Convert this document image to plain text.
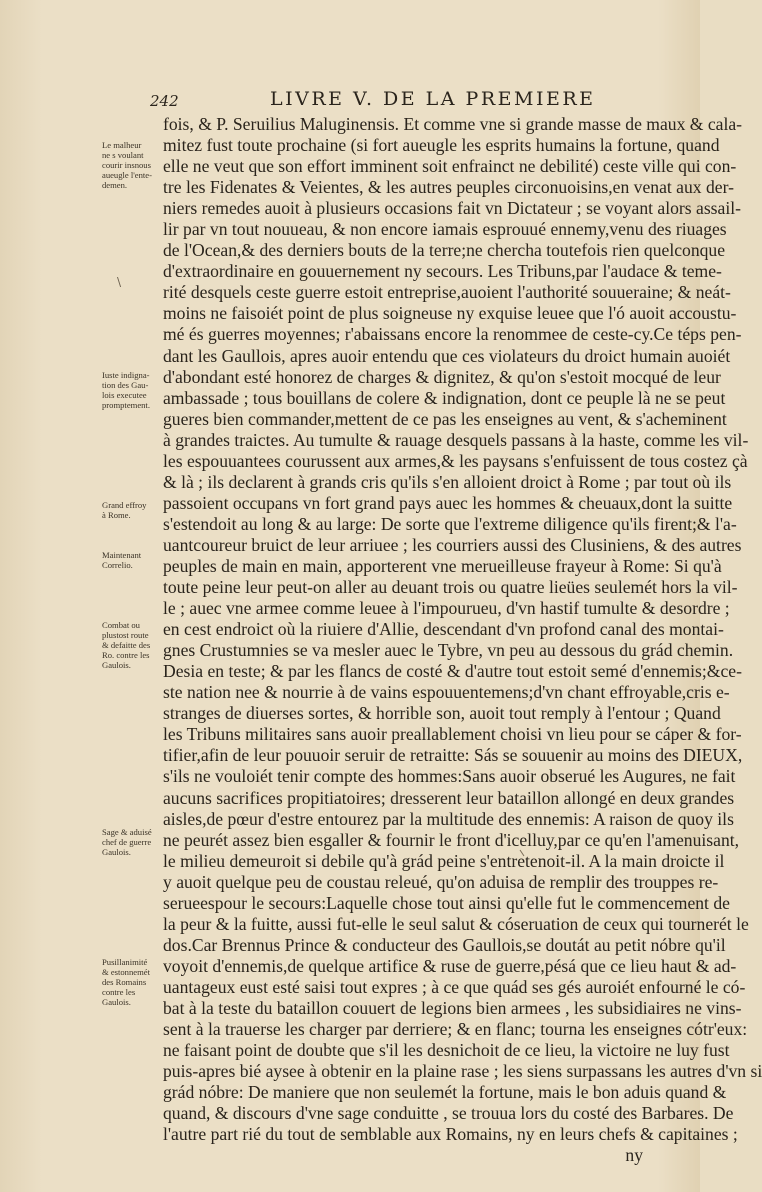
242	LIVRE V. DE LA PREMIERE
Le malheur
ne s voulant
courir insnous
aueugle l'ente-
demen.
Iuste indigna-
tion des Gau-
lois executee
promptement.
Grand effroy
à Rome.
Maintenant
Correlio.
Combat ou
plustost route
& defaitte des
Ro. contre les
Gaulois.
Sage & aduisé
chef de guerre
Gaulois.
Pusillanimité
& estonnemét
des Romains
contre les
Gaulois.
\
fois, & P. Seruilius Maluginensis. Et comme vne si grande masse de maux & cala-
mitez fust toute prochaine (si fort aueugle les esprits humains la fortune, quand
elle ne veut que son effort imminent soit enfrainct ne debilité) ceste ville qui con-
tre les Fidenates & Veientes, & les autres peuples circonuoisins,en venat aux der-
niers remedes auoit à plusieurs occasions fait vn Dictateur ; se voyant alors assail-
lir par vn tout nouueau, & non encore iamais esprouué ennemy,venu des riuages
de l'Ocean,& des derniers bouts de la terre;ne chercha toutefois rien quelconque
d'extraordinaire en gouuernement ny secours. Les Tribuns,par l'audace & teme-
rité desquels ceste guerre estoit entreprise,auoient l'authorité souueraine; & neát-
moins ne faisoiét point de plus soigneuse ny exquise leuee que l'ó auoit accoustu-
mé és guerres moyennes; r'abaissans encore la renommee de ceste-cy.Ce téps pen-
dant les Gaullois, apres auoir entendu que ces violateurs du droict humain auoiét
d'abondant esté honorez de charges & dignitez, & qu'on s'estoit mocqué de leur
ambassade ; tous bouillans de colere & indignation, dont ce peuple là ne se peut
gueres bien commander,mettent de ce pas les enseignes au vent, & s'acheminent
à grandes traictes. Au tumulte & rauage desquels passans à la haste, comme les vil-
les espouuantees courussent aux armes,& les paysans s'enfuissent de tous costez çà
& là ; ils declarent à grands cris qu'ils s'en alloient droict à Rome ; par tout où ils
passoient occupans vn fort grand pays auec les hommes & cheuaux,dont la suitte
s'estendoit au long & au large: De sorte que l'extreme diligence qu'ils firent;& l'a-
uantcoureur bruict de leur arriuee ; les courriers aussi des Clusiniens, & des autres
peuples de main en main, apporterent vne merueilleuse frayeur à Rome: Si qu'à
toute peine leur peut-on aller au deuant trois ou quatre lieües seulemét hors la vil-
le ; auec vne armee comme leuee à l'impourueu, d'vn hastif tumulte & desordre ;
en cest endroict où la riuiere d'Allie, descendant d'vn profond canal des montai-
gnes Crustumnies se va mesler auec le Tybre, vn peu au dessous du grád chemin.
Desia en teste; & par les flancs de costé & d'autre tout estoit semé d'ennemis;&ce-
ste nation nee & nourrie à de vains espouuentemens;d'vn chant effroyable,cris e-
stranges de diuerses sortes, & horrible son, auoit tout remply à l'entour ; Quand
les Tribuns militaires sans auoir preallablement choisi vn lieu pour se cáper & for-
tifier,afin de leur pouuoir seruir de retraitte: Sás se souuenir au moins des DIEUX,
s'ils ne vouloiét tenir compte des hommes:Sans auoir obserué les Augures, ne fait
aucuns sacrifices propitiatoires; dresserent leur bataillon allongé en deux grandes
aisles,de pœur d'estre entourez par la multitude des ennemis: A raison de quoy ils
ne peurét assez bien esgaller & fournir le front d'icelluy,par ce qu'en l'amenuisant,
le milieu demeuroit si debile qu'à grád peine s'entretenoit-il. A la main droicte il
y auoit quelque peu de coustau releué, qu'on aduisa de remplir des trouppes re-
serueespour le secours:Laquelle chose tout ainsi qu'elle fut le commencement de
la peur & la fuitte, aussi fut-elle le seul salut & cóseruation de ceux qui tournerét le
dos.Car Brennus Prince & conducteur des Gaullois,se doutát au petit nóbre qu'il
voyoit d'ennemis,de quelque artifice & ruse de guerre,pésá que ce lieu haut & ad-
uantageux eust esté saisi tout expres ; à ce que quád ses gés auroiét enfourné le có-
bat à la teste du bataillon couuert de legions bien armees , les subsidiaires ne vins-
sent à la trauerse les charger par derriere; & en flanc; tourna les enseignes cótr'eux:
ne faisant point de doubte que s'il les desnichoit de ce lieu, la victoire ne luy fust
puis-apres bié aysee à obtenir en la plaine rase ; les siens surpassans les autres d'vn si
grád nóbre: De maniere que non seulemét la fortune, mais le bon aduis quand &
quand, & discours d'vne sage conduitte , se trouua lors du costé des Barbares. De
l'autre part rié du tout de semblable aux Romains, ny en leurs chefs & capitaines ;
ny
